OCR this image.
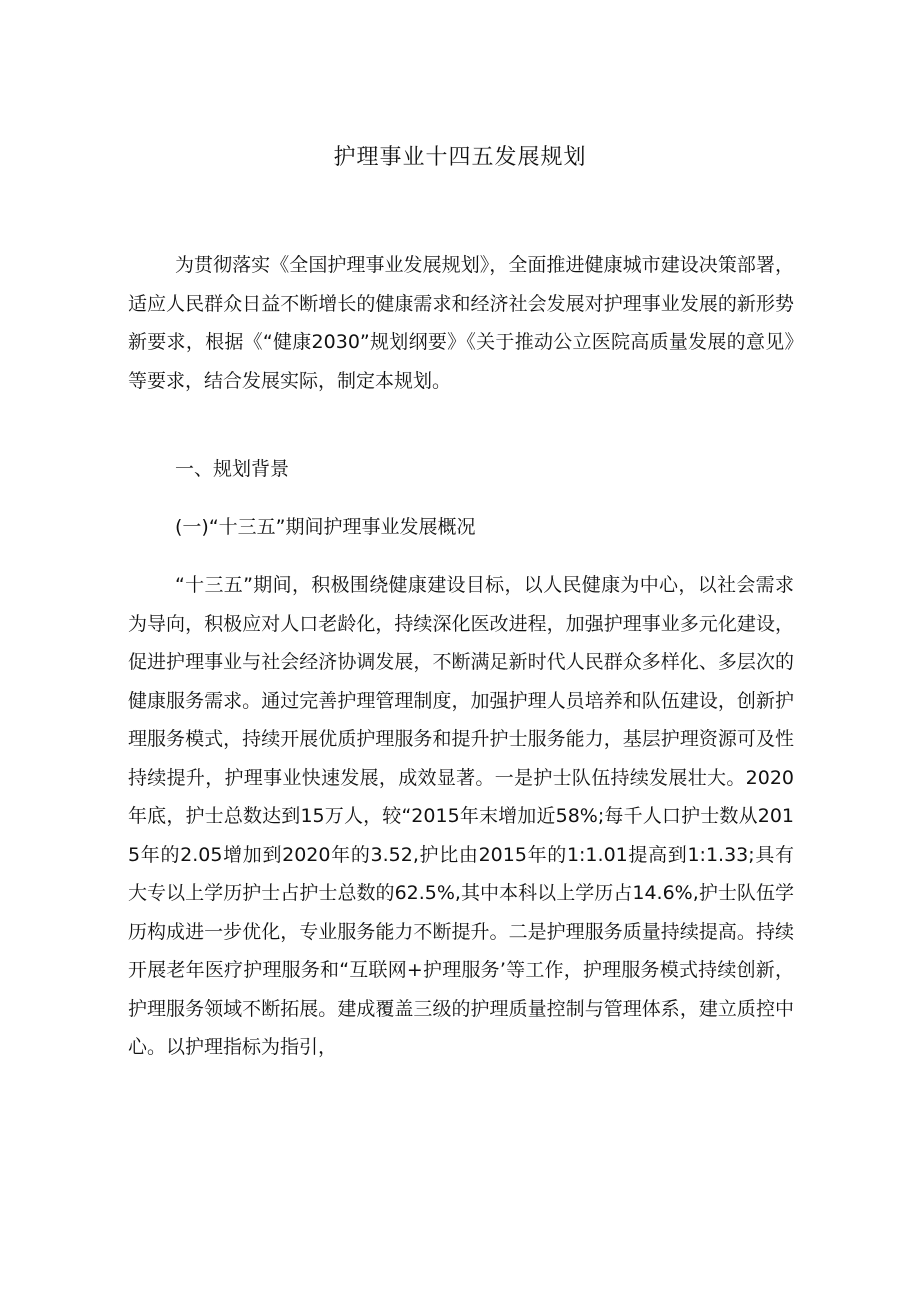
护理事业十四五发展规划

为贯彻落实《全国护理事业发展规划》，全面推进健康城市建设决策部署，适应人民群众日益不断增长的健康需求和经济社会发展对护理事业发展的新形势新要求，根据《“健康2030”规划纲要》《关于推动公立医院高质量发展的意见》等要求，结合发展实际，制定本规划。

一、规划背景
(一)“十三五”期间护理事业发展概况

“十三五”期间，积极围绕健康建设目标，以人民健康为中心，以社会需求为导向，积极应对人口老龄化，持续深化医改进程，加强护理事业多元化建设，促进护理事业与社会经济协调发展，不断满足新时代人民群众多样化、多层次的健康服务需求。通过完善护理管理制度，加强护理人员培养和队伍建设，创新护理服务模式，持续开展优质护理服务和提升护士服务能力，基层护理资源可及性持续提升，护理事业快速发展，成效显著。一是护士队伍持续发展壮大。2020年底，护士总数达到15万人，较“2015年末增加近58%;每千人口护士数从2015年的2.05增加到2020年的3.52,护比由2015年的1:1.01提高到1:1.33;具有大专以上学历护士占护士总数的62.5%,其中本科以上学历占14.6%,护士队伍学历构成进一步优化，专业服务能力不断提升。二是护理服务质量持续提高。持续开展老年医疗护理服务和“互联网+护理服务’等工作，护理服务模式持续创新，护理服务领域不断拓展。建成覆盖三级的护理质量控制与管理体系，建立质控中心。以护理指标为指引，
